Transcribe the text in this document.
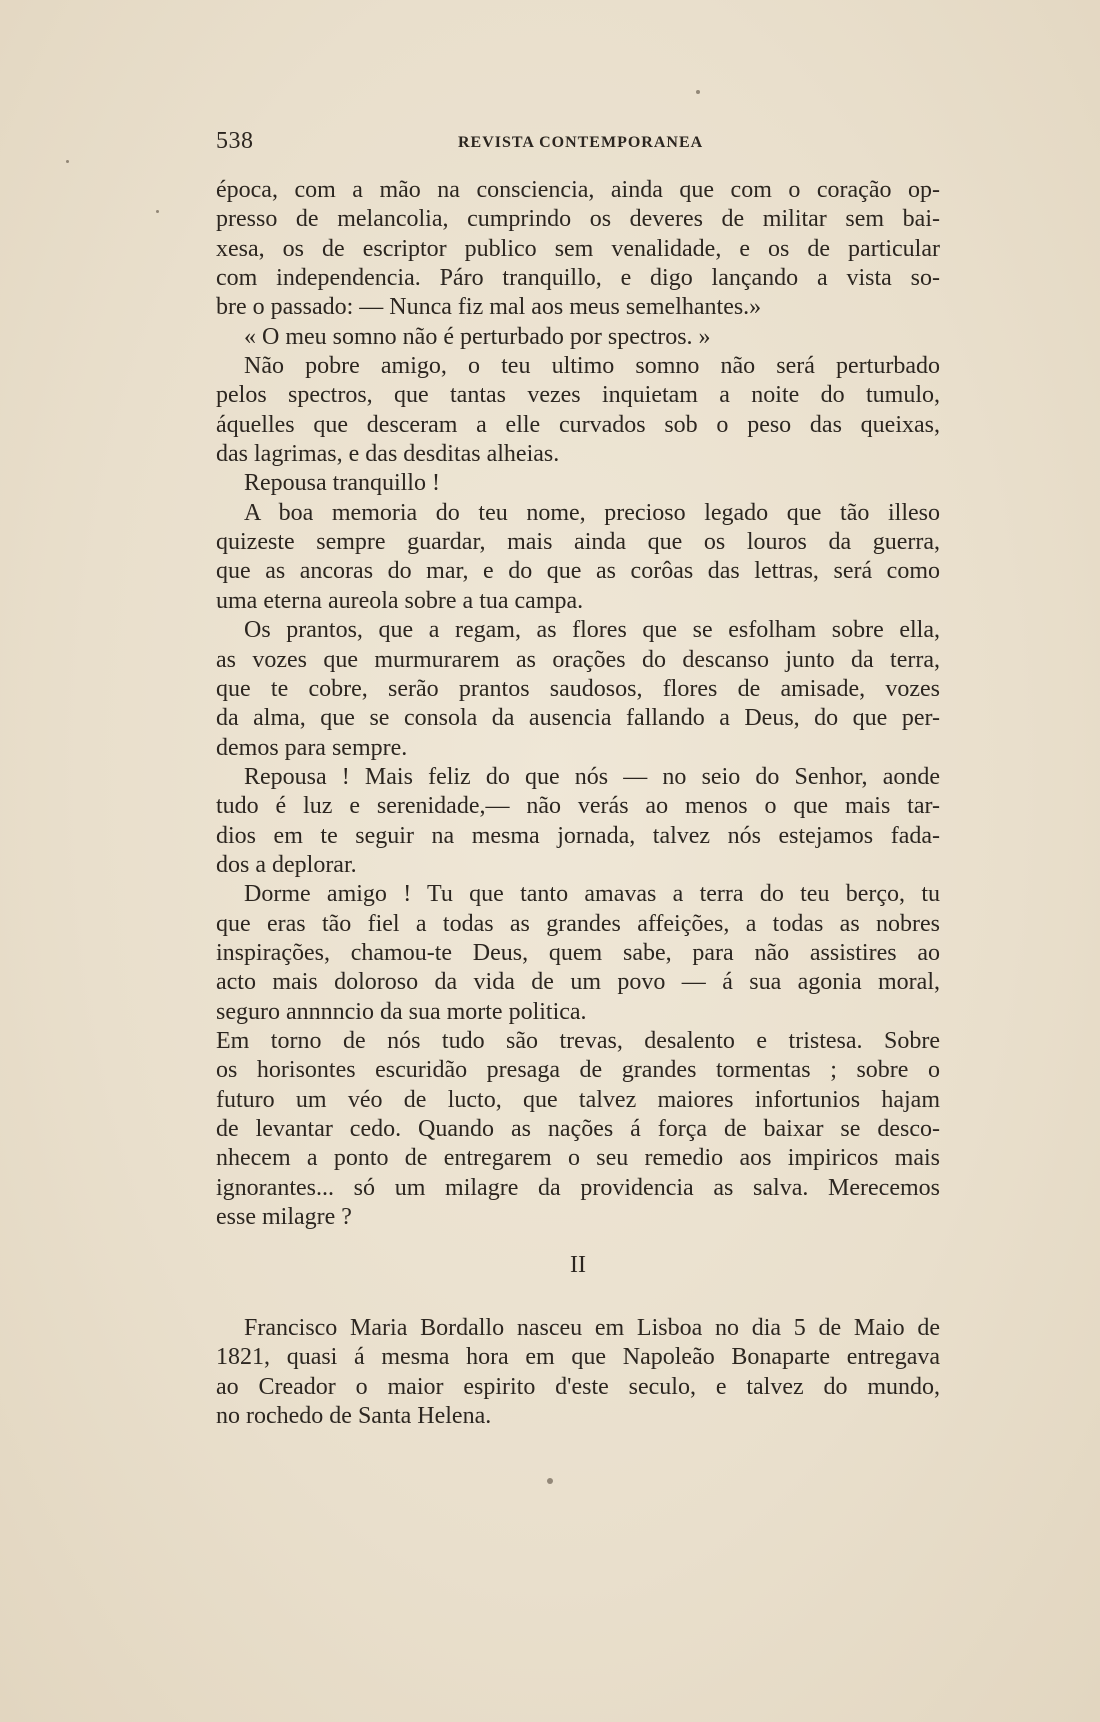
538	REVISTA CONTEMPORANEA
época, com a mão na consciencia, ainda que com o coração op-
presso de melancolia, cumprindo os deveres de militar sem bai-
xesa, os de escriptor publico sem venalidade, e os de particular
com independencia. Páro tranquillo, e digo lançando a vista so-
bre o passado: — Nunca fiz mal aos meus semelhantes.»
« O meu somno não é perturbado por spectros. »
Não pobre amigo, o teu ultimo somno não será perturbado
pelos spectros, que tantas vezes inquietam a noite do tumulo,
áquelles que desceram a elle curvados sob o peso das queixas,
das lagrimas, e das desditas alheias.
Repousa tranquillo !
A boa memoria do teu nome, precioso legado que tão illeso
quizeste sempre guardar, mais ainda que os louros da guerra,
que as ancoras do mar, e do que as corôas das lettras, será como
uma eterna aureola sobre a tua campa.
Os prantos, que a regam, as flores que se esfolham sobre ella,
as vozes que murmurarem as orações do descanso junto da terra,
que te cobre, serão prantos saudosos, flores de amisade, vozes
da alma, que se consola da ausencia fallando a Deus, do que per-
demos para sempre.
Repousa ! Mais feliz do que nós — no seio do Senhor, aonde
tudo é luz e serenidade,— não verás ao menos o que mais tar-
dios em te seguir na mesma jornada, talvez nós estejamos fada-
dos a deplorar.
Dorme amigo ! Tu que tanto amavas a terra do teu berço, tu
que eras tão fiel a todas as grandes affeições, a todas as nobres
inspirações, chamou-te Deus, quem sabe, para não assistires ao
acto mais doloroso da vida de um povo — á sua agonia moral,
seguro annnncio da sua morte politica.
Em torno de nós tudo são trevas, desalento e tristesa. Sobre
os horisontes escuridão presaga de grandes tormentas ; sobre o
futuro um véo de lucto, que talvez maiores infortunios hajam
de levantar cedo. Quando as nações á força de baixar se desco-
nhecem a ponto de entregarem o seu remedio aos impiricos mais
ignorantes... só um milagre da providencia as salva. Merecemos
esse milagre ?
II
Francisco Maria Bordallo nasceu em Lisboa no dia 5 de Maio de
1821, quasi á mesma hora em que Napoleão Bonaparte entregava
ao Creador o maior espirito d'este seculo, e talvez do mundo,
no rochedo de Santa Helena.
